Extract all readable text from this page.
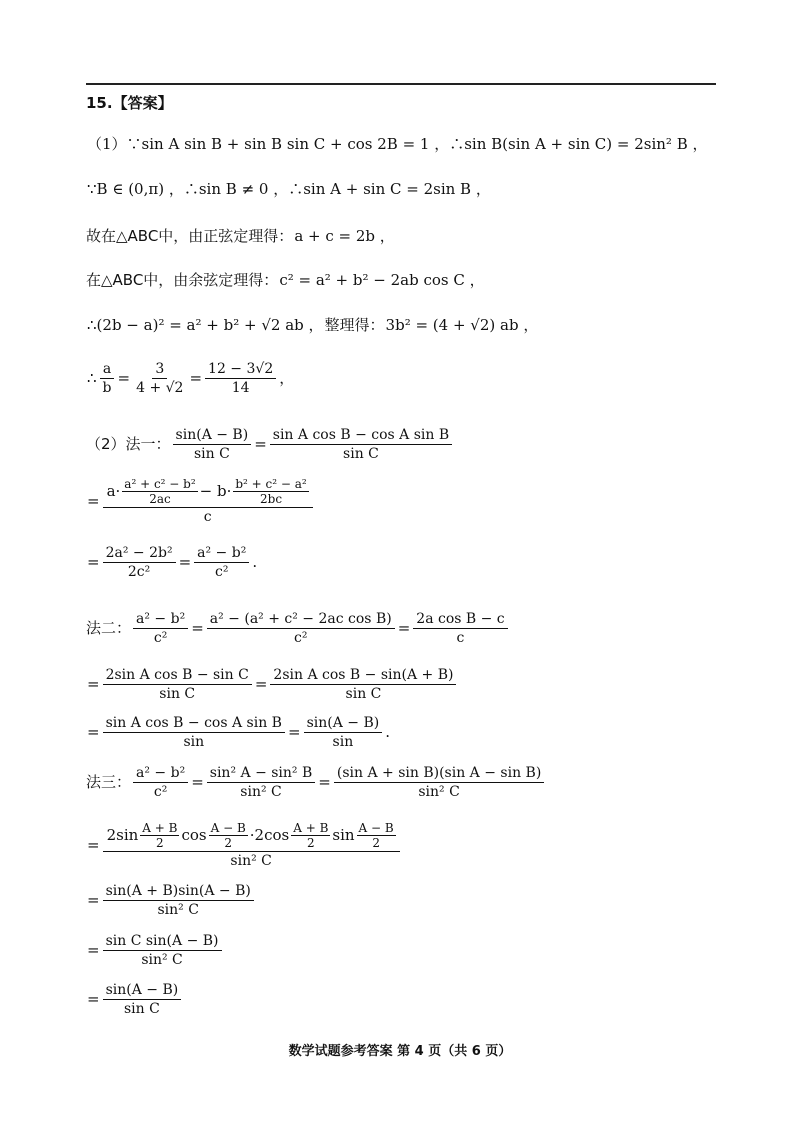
15.【答案】
（1）∵sin A sin B + sin B sin C + cos 2B = 1 ，∴sin B(sin A + sin C) = 2sin² B ，
∵B ∈ (0,π) ，∴sin B ≠ 0 ，∴sin A + sin C = 2sin B ，
故在△ABC中，由正弦定理得： a + c = 2b ，
在△ABC中，由余弦定理得： c² = a² + b² − 2ab cos C ，
∴(2b − a)² = a² + b² + √2 ab ， 整理得： 3b² = (4 + √2) ab ，
∴ $\frac{a}{b} = \frac{3}{4 + √2} = \frac{12 - 3√2}{14}$ ，
（2）法一： $\frac{\sin(A - B)}{\text{sin C}} = \frac{\text{sin A cos B − cos A sin B}}{\text{sin C}}$
=
$a\cdot \frac{\text{a² + c² − b²}}{2ac} - b\cdot \frac{\text{b² + c² − a²}}{2bc}$
c
= $\frac{\text{2a² − 2b²}}{\text{2c²}} = \frac{\text{a² − b²}}{\text{c²}}$ .
法二： $\frac{\text{a² − b²}}{\text{c²}} = \frac{\text{a² − (a² + c² − 2ac cos B)}}{\text{c²}} = \frac{\text{2a cos B − c}}{c}$
= $\frac{\text{2sin A cos B − sin C}}{\text{sin C}} = \frac{\text{2sin A cos B − sin(A + B)}}{\text{sin C}}$
= $\frac{\text{sin A cos B − cos A sin B}}{\sin} = \frac{\sin(A - B)}{\sin}$ .
法三： $\frac{\text{a² − b²}}{\text{c²}} = \frac{\text{sin² A − sin² B}}{\text{sin² C}} = \frac{\text{(sin A + sin B)(sin A − sin B)}}{\text{sin² C}}$
=
$2\sin \frac{A + B}{2}$ $\cos \frac{A - B}{2} \cdot 2\cos \frac{A + B}{2}$ $\sin \frac{A - B}{2}$
sin² C
= $\frac{\sin(A + B)\sin(A - B)}{\text{sin² C}}$
= $\frac{\text{sin C sin(A − B)}}{\text{sin² C}}$
= $\frac{\sin(A - B)}{\text{sin C}}$
数学试题参考答案 第 4 页（共 6 页）
